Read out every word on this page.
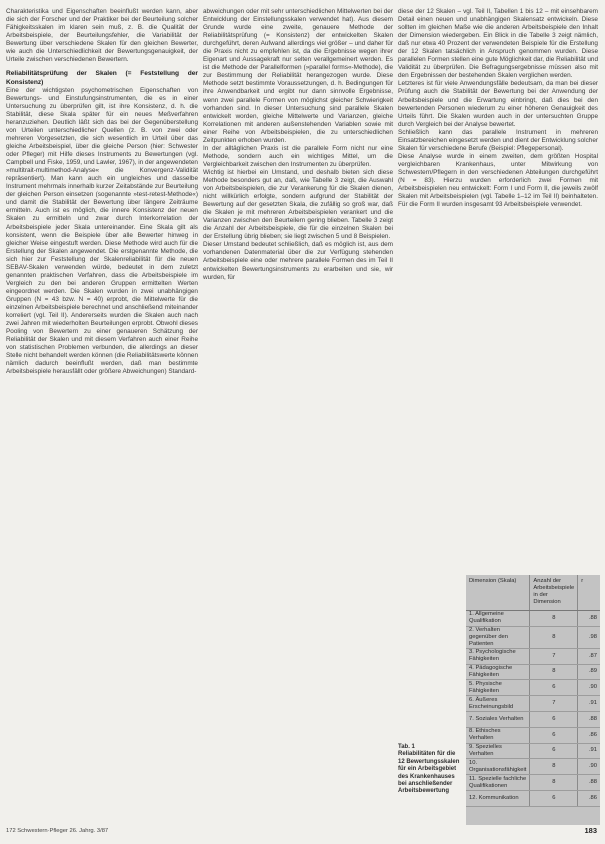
Charakteristika und Eigenschaften beeinflußt werden kann, aber die sich der Forscher und der Praktiker bei der Beurteilung solcher Fähigkeitsskalen im klaren sein muß, z. B. die Qualität der Arbeitsbeispiele, der Beurteilungsfehler, die Variabilität der Bewertung über verschiedene Skalen für den gleichen Bewerter, wie auch die Unterschiedlichkeit der Bewertungsgenauigkeit, der Urteile zwischen verschiedenen Bewertern.

Reliabilitätsprüfung der Skalen (= Feststellung der Konsistenz)

Eine der wichtigsten psychometrischen Eigenschaften von Bewertungs- und Einstufungsinstrumenten, die es in einer Untersuchung zu überprüfen gilt, ist ihre Konsistenz, d. h. die Stabilität, diese Skala später für ein neues Meßverfahren heranzuziehen. Deutlich läßt sich das bei der Gegenüberstellung von Urteilen unterschiedlicher Quellen (z. B. von zwei oder mehreren Vorgesetzten, die sich wesentlich im Urteil über das gleiche Arbeitsbeispiel, über die gleiche Person (hier: Schwester oder Pfleger) mit Hilfe dieses Instruments zu Bewertungen (vgl. Campbell und Fiske, 1959, und Lawler, 1967), in der angewendeten »multitrait-multimethod-Analyse« die Konvergenz-Validität repräsentiert). Man kann auch ein ungleiches und dasselbe Instrument mehrmals innerhalb kurzer Zeitabstände zur Beurteilung der gleichen Person einsetzen (sogenannte »test-retest-Methode«) und damit die Stabilität der Bewertung über längere Zeiträume ermitteln. Auch ist es möglich, die innere Konsistenz der neuen Skalen zu ermitteln und zwar durch Interkorrelation der Arbeitsbeispiele jeder Skala untereinander. Eine Skala gilt als konsistent, wenn die Beispiele über alle Bewerter hinweg in gleicher Weise eingestuft werden. Diese Methode wird auch für die Erstellung der Skalen angewendet. Die erstgenannte Methode, die sich hier zur Feststellung der Skalenreliabilität für die neuen SEBAV-Skalen verwenden würde, bedeutet in dem zuletzt genannten praktischen Verfahren, dass die Arbeitsbeispiele im Vergleich zu den bei anderen Gruppen ermittelten Werten eingeordnet werden. Die Skalen wurden in zwei unabhängigen Gruppen (N = 43 bzw. N = 40) erprobt, die Mittelwerte für die einzelnen Arbeitsbeispiele berechnet und anschließend miteinander korreliert (vgl. Teil II). Andererseits wurden die Skalen auch nach zwei Jahren mit wiederholten Beurteilungen erprobt. Obwohl dieses Pooling von Bewertern zu einer genaueren Schätzung der Reliabilität der Skalen und mit diesem Verfahren auch einer Reihe von statistischen Problemen verbunden, die allerdings an dieser Stelle nicht behandelt werden können (die Reliabilitätswerte können nämlich dadurch beeinflußt werden, daß man bestimmte Arbeitsbeispiele herausfällt oder größere Abweichungen) Standard-

abweichungen oder mit sehr unterschiedlichen Mittelwerten bei der Entwicklung der Einstellungsskalen verwendet hat). Aus diesem Grunde wurde eine zweite, genauere Methode der Reliabilitätsprüfung (= Konsistenz) der entwickelten Skalen durchgeführt, deren Aufwand allerdings viel größer – und daher für die Praxis nicht zu empfehlen ist, da die Ergebnisse wegen ihrer Eigenart und Aussagekraft nur selten verallgemeinert werden. Es ist die Methode der Parallelformen (»parallel forms«-Methode), die zur Bestimmung der Reliabilität herangezogen wurde. Diese Methode setzt bestimmte Voraussetzungen, d. h. Bedingungen für ihre Anwendbarkeit und ergibt nur dann sinnvolle Ergebnisse, wenn zwei parallele Formen von möglichst gleicher Schwierigkeit vorhanden sind. In dieser Untersuchung sind parallele Skalen entwickelt worden, gleiche Mittelwerte und Varianzen, gleiche Korrelationen mit anderen außenstehenden Variablen sowie mit einer Reihe von Arbeitsbeispielen, die zu unterschiedlichen Zeitpunkten erhoben wurden.

In der alltäglichen Praxis ist die parallele Form nicht nur eine Methode, sondern auch ein wichtiges Mittel, um die Vergleichbarkeit zwischen den Instrumenten zu überprüfen.

Wichtig ist hierbei ein Umstand, und deshalb bieten sich diese Methode besonders gut an, daß, wie Tabelle 3 zeigt, die Auswahl von Arbeitsbeispielen, die zur Verankerung für die Skalen dienen, nicht willkürlich erfolgte, sondern aufgrund der Stabilität der Bewertung auf der gesetzten Skala, die zufällig so groß war, daß die Skalen je mit mehreren Arbeitsbeispielen verankert und die Varianzen zwischen den Beurteilern gering blieben. Tabelle 3 zeigt die Anzahl der Arbeitsbeispiele, die für die einzelnen Skalen bei der Erstellung übrig blieben; sie liegt zwischen 5 und 8 Beispielen.

Dieser Umstand bedeutet schließlich, daß es möglich ist, aus dem vorhandenen Datenmaterial über die zur Verfügung stehenden Arbeitsbeispiele eine oder mehrere parallele Formen des im Teil II entwickelten Bewertungsinstruments zu erarbeiten und sie, wir wurden, für

diese der 12 Skalen – vgl. Teil II, Tabellen 1 bis 12 – mit einsehbarem Detail einen neuen und unabhängigen Skalensatz entwickeln. Diese sollten im gleichen Maße wie die anderen Arbeitsbeispiele den Inhalt der Dimension wiedergeben. Ein Blick in die Tabelle 3 zeigt nämlich, daß nur etwa 40 Prozent der verwendeten Beispiele für die Erstellung der 12 Skalen tatsächlich in Anspruch genommen wurden. Diese parallelen Formen stellen eine gute Möglichkeit dar, die Reliabilität und Validität zu überprüfen. Die Befragungsergebnisse müssen also mit den Ergebnissen der bestehenden Skalen verglichen werden.

Letzteres ist für viele Anwendungsfälle bedeutsam, da man bei dieser Prüfung auch die Stabilität der Bewertung bei der Anwendung der Arbeitsbeispiele und die Erwartung einbringt, daß dies bei den bewertenden Personen wiederum zu einer höheren Genauigkeit des Urteils führt. Die Skalen wurden auch in der untersuchten Gruppe durch Vergleich bei der Analyse bewertet.

Schließlich kann das parallele Instrument in mehreren Einsatzbereichen eingesetzt werden und dient der Entwicklung solcher Skalen für verschiedene Berufe (Beispiel: Pflegepersonal).

Diese Analyse wurde in einem zweiten, dem größten Hospital vergleichbaren Krankenhaus, unter Mitwirkung von Schwestern/Pflegern in den verschiedenen Abteilungen durchgeführt (N = 83). Hierzu wurden erforderlich zwei Formen mit Arbeitsbeispielen neu entwickelt: Form I und Form II, die jeweils zwölf Skalen mit Arbeitsbeispielen (vgl. Tabelle 1–12 im Teil II) beinhalteten. Für die Form II wurden insgesamt 93 Arbeitsbeispiele verwendet.

Tab. 1
Reliabilitäten für die 12 Bewertungsskalen für ein Arbeitsgebiet des Krankenhauses bei anschließender Arbeitsbewertung
Dimension (Skala)	Anzahl der Arbeitsbeispiele in der Dimension	r
1. Allgemeine Qualifikation	8	.88
2. Verhalten gegenüber den Patienten	8	.98
3. Psychologische Fähigkeiten	7	.87
4. Pädagogische Fähigkeiten	8	.89
5. Physische Fähigkeiten	6	.90
6. Äußeres Erscheinungsbild	7	.91
7. Soziales Verhalten	6	.88
8. Ethisches Verhalten	6	.86
9. Spezielles Verhalten	6	.91
10. Organisationsfähigkeit	8	.90
11. Spezielle fachliche Qualifikationen	8	.88
12. Kommunikation	6	.86
172 Schwestern·Pfleger 26. Jahrg. 3/87	183
